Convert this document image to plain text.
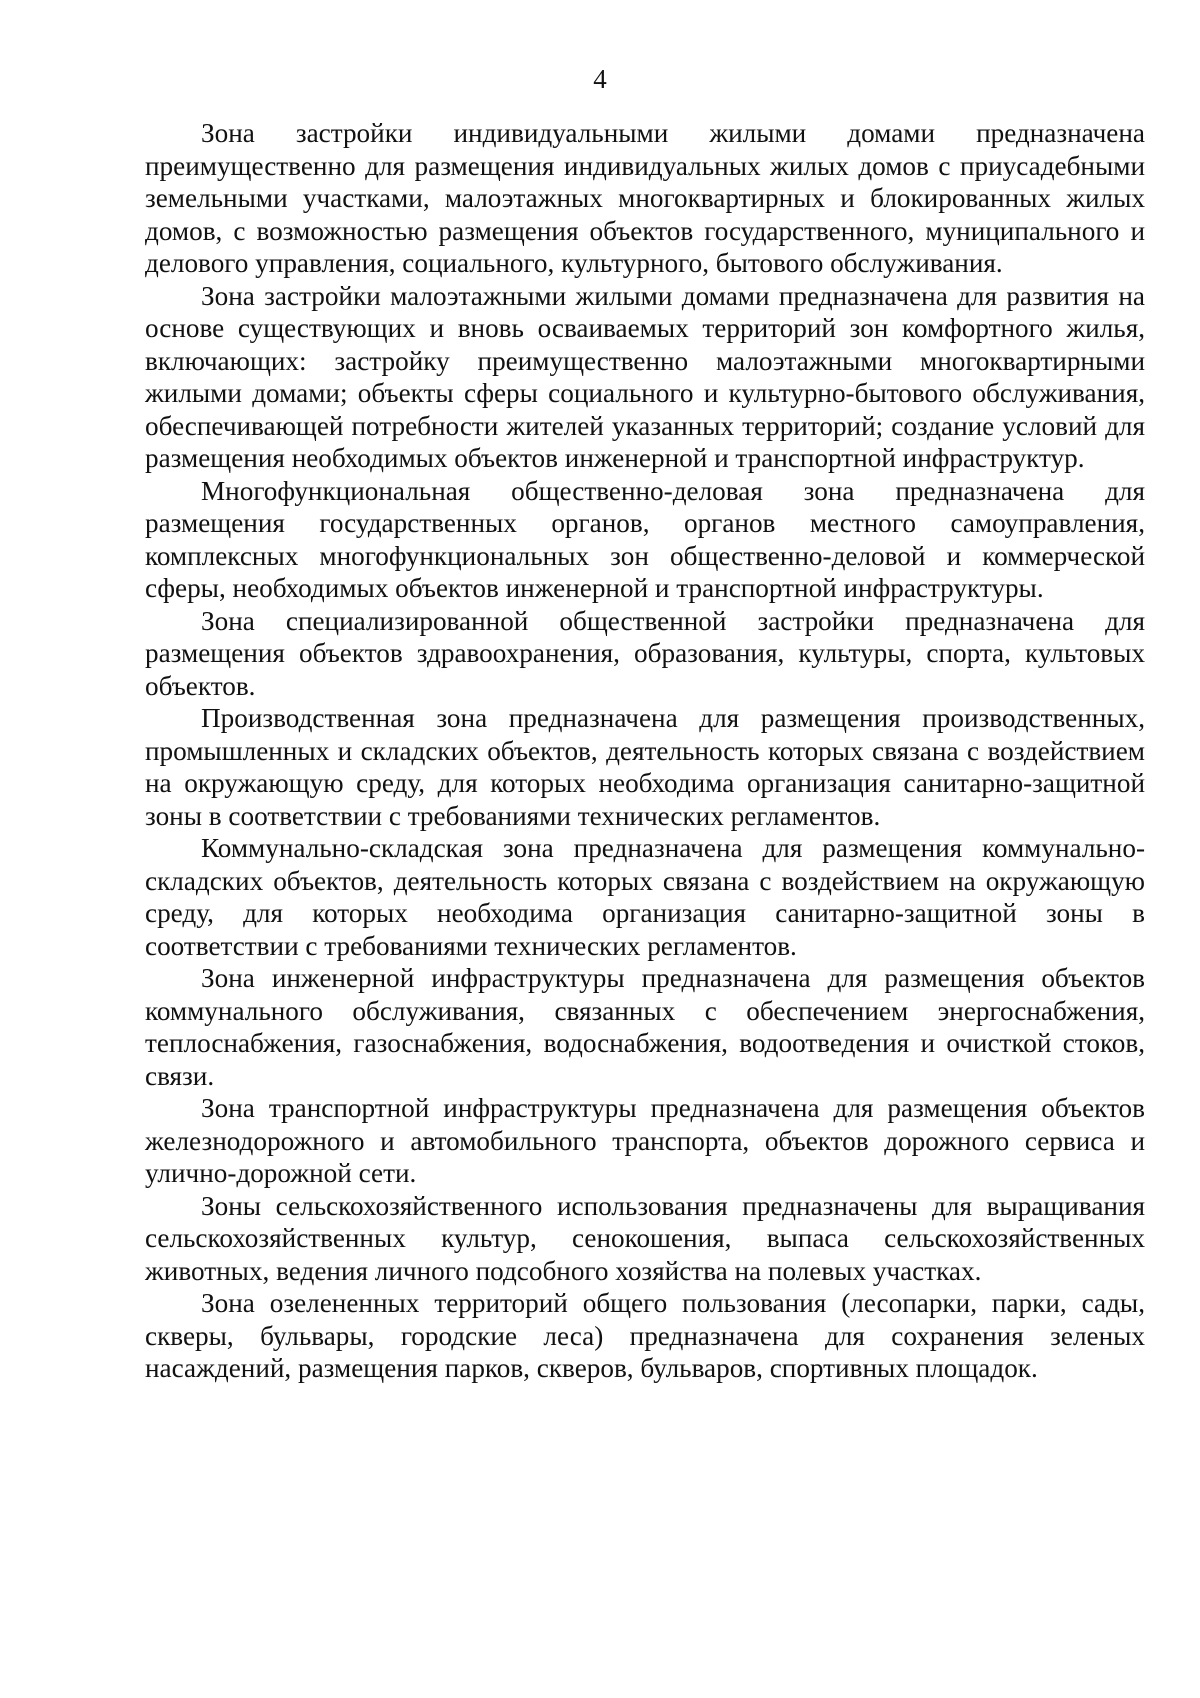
4

Зона застройки индивидуальными жилыми домами предназначена преимущественно для размещения индивидуальных жилых домов с приусадебными земельными участками, малоэтажных многоквартирных и блокированных жилых домов, с возможностью размещения объектов государственного, муниципального и делового управления, социального, культурного, бытового обслуживания.

Зона застройки малоэтажными жилыми домами предназначена для развития на основе существующих и вновь осваиваемых территорий зон комфортного жилья, включающих: застройку преимущественно малоэтажными многоквартирными жилыми домами; объекты сферы социального и культурно-бытового обслуживания, обеспечивающей потребности жителей указанных территорий; создание условий для размещения необходимых объектов инженерной и транспортной инфраструктур.

Многофункциональная общественно-деловая зона предназначена для размещения государственных органов, органов местного самоуправления, комплексных многофункциональных зон общественно-деловой и коммерческой сферы, необходимых объектов инженерной и транспортной инфраструктуры.

Зона специализированной общественной застройки предназначена для размещения объектов здравоохранения, образования, культуры, спорта, культовых объектов.

Производственная зона предназначена для размещения производственных, промышленных и складских объектов, деятельность которых связана с воздействием на окружающую среду, для которых необходима организация санитарно-защитной зоны в соответствии с требованиями технических регламентов.

Коммунально-складская зона предназначена для размещения коммунально-складских объектов, деятельность которых связана с воздействием на окружающую среду, для которых необходима организация санитарно-защитной зоны в соответствии с требованиями технических регламентов.

Зона инженерной инфраструктуры предназначена для размещения объектов коммунального обслуживания, связанных с обеспечением энергоснабжения, теплоснабжения, газоснабжения, водоснабжения, водоотведения и очисткой стоков, связи.

Зона транспортной инфраструктуры предназначена для размещения объектов железнодорожного и автомобильного транспорта, объектов дорожного сервиса и улично-дорожной сети.

Зоны сельскохозяйственного использования предназначены для выращивания сельскохозяйственных культур, сенокошения, выпаса сельскохозяйственных животных, ведения личного подсобного хозяйства на полевых участках.

Зона озелененных территорий общего пользования (лесопарки, парки, сады, скверы, бульвары, городские леса) предназначена для сохранения зеленых насаждений, размещения парков, скверов, бульваров, спортивных площадок.
